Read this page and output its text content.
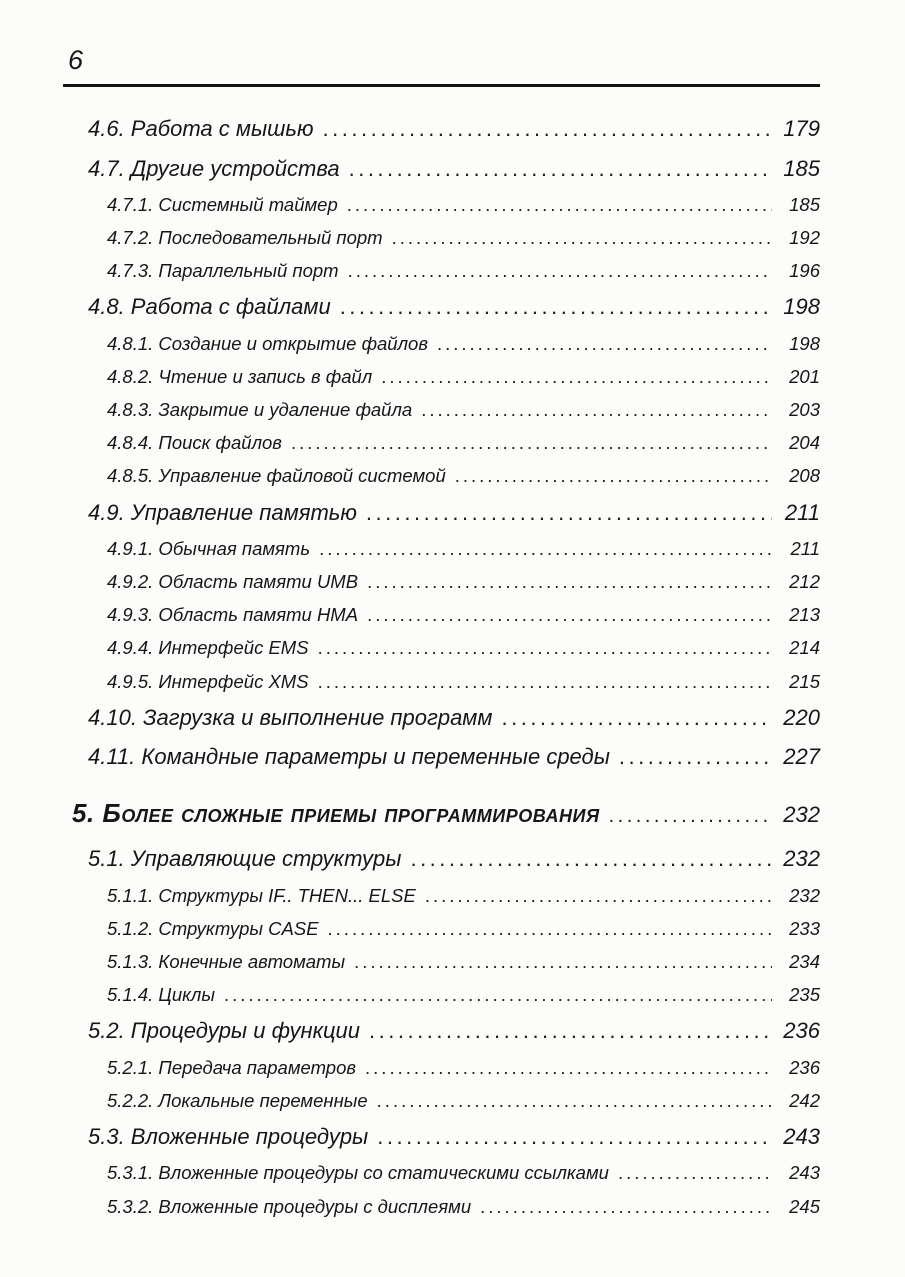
6
4.6. Работа с мышью .....	179
4.7. Другие устройства .....	185
4.7.1. Системный таймер .....	185
4.7.2. Последовательный порт .....	192
4.7.3. Параллельный порт .....	196
4.8. Работа с файлами .....	198
4.8.1. Создание и открытие файлов .....	198
4.8.2. Чтение и запись в файл .....	201
4.8.3. Закрытие и удаление файла .....	203
4.8.4. Поиск файлов .....	204
4.8.5. Управление файловой системой .....	208
4.9. Управление памятью .....	211
4.9.1. Обычная память .....	211
4.9.2. Область памяти UMB .....	212
4.9.3. Область памяти HMA .....	213
4.9.4. Интерфейс EMS .....	214
4.9.5. Интерфейс XMS .....	215
4.10. Загрузка и выполнение программ .....	220
4.11. Командные параметры и переменные среды .....	227
5. Более сложные приемы программирования .....	232
5.1. Управляющие структуры .....	232
5.1.1. Структуры IF.. THEN... ELSE .....	232
5.1.2. Структуры CASE .....	233
5.1.3. Конечные автоматы .....	234
5.1.4. Циклы .....	235
5.2. Процедуры и функции .....	236
5.2.1. Передача параметров .....	236
5.2.2. Локальные переменные .....	242
5.3. Вложенные процедуры .....	243
5.3.1. Вложенные процедуры со статическими ссылками .....	243
5.3.2. Вложенные процедуры с дисплеями .....	245
